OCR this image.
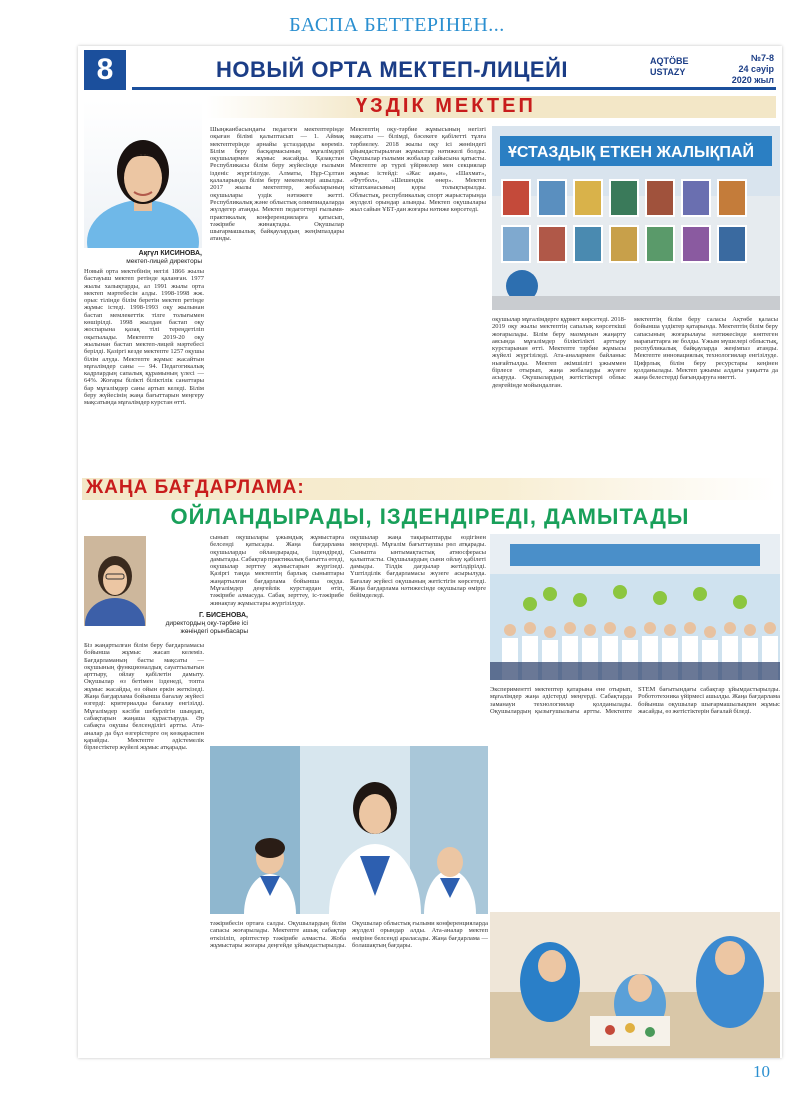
БАСПА БЕТТЕРІНЕН...
8	НОВЫЙ ОРТА МЕКТЕП-ЛИЦЕЙІ	AQTÖBE
USTAZY
№7-8
24 сәуір
2020 жыл
ҮЗДІК МЕКТЕП
Ақгүл КИСИНОВА,
мектеп-лицей директоры
ҰСТАЗДЫҚ ЕТКЕН ЖАЛЫҚПАЙ
Новый орта мектебінің негізі 1866 жылы бастауыш мектеп ретінде қаланған. 1977 жылы халықтарды, ал 1991 жылы орта мектеп мәртебесін алды. 1998-1998 жж. орыс тілінде білім беретін мектеп ретінде жұмыс істеді. 1998-1993 оқу жылынан бастап мемлекеттік тілге толығымен көшірілді. 1998 жылдан бастап оқу жоспарына қазақ тілі тереңдетіліп оқытылады. Мектепте 2019-20 оқу жылынан бастап мектеп-лицей мәртебесі берілді. Қазіргі кезде мектепте 1257 оқушы білім алуда. Мектепте жұмыс жасайтын мұғалімдер саны — 94. Педагогикалық кадрлардың сапалық құрамының үлесі — 64%. Жоғары білікті біліктілік санаттары бар мұғалімдер саны артып келеді. Білім беру жүйесінің жаңа бағыттарын меңгеру мақсатында мұғалімдер курстан өтті.
Шыңжанбасындағы педагоги мектептерінде оқыған білімі қалыптасып — 1. Аймақ мектептерінде арнайы ұстаздарды көреміз. Білім беру басқармасының мұғалімдері оқушылармен жұмыс жасайды. Қазақстан Республикасы білім беру жүйесінде ғылыми ізденіс жүргізілуде. Алматы, Нұр-Сұлтан қалаларында білім беру мекемелері ашылды. 2017 жылы мектептер, жобаларының оқушылары үздік нәтижеге жетті. Республикалық және облыстық олимпиадаларда жүлдегер атанды. Мектеп педагогтері ғылыми-практикалық конференцияларға қатысып, тәжірибе жинақтады. Оқушылар шығармашылық байқаулардың жеңімпаздары атанды.
Мектептің оқу-тәрбие жұмысының негізгі мақсаты — білімді, бәсекеге қабілетті тұлға тәрбиелеу. 2018 жылы оқу ісі жөніндегі ұйымдастырылған жұмыстар нәтижелі болды. Оқушылар ғылыми жобалар сайысына қатысты. Мектепте әр түрлі үйірмелер мен секциялар жұмыс істейді: «Жас ақын», «Шахмат», «Футбол», «Шешендік өнер». Мектеп кітапханасының қоры толықтырылды. Облыстық, республикалық спорт жарыстарында жүлделі орындар алынды. Мектеп оқушылары жыл сайын ҰБТ-дан жоғары нәтиже көрсетеді.
оқушылар мұғалімдерге құрмет көрсетеді. 2018-2019 оқу жылы мектептің сапалық көрсеткіші жоғарылады. Білім беру мазмұнын жаңарту аясында мұғалімдер біліктілікті арттыру курстарынан өтті. Мектепте тәрбие жұмысы жүйелі жүргізіледі. Ата-аналармен байланыс нығайтылды. Мектеп әкімшілігі ұжыммен бірлесе отырып, жаңа жобаларды жүзеге асыруда. Оқушылардың жетістіктері облыс деңгейінде мойындалған.
мектептің білім беру саласы Ақтөбе қаласы бойынша үздіктер қатарында. Мектептің білім беру сапасының жоғарылауы нәтижесінде көптеген марапаттарға ие болды. Ұжым мүшелері облыстық, республикалық байқауларда жеңімпаз атанды. Мектепте инновациялық технологиялар енгізілуде. Цифрлық білім беру ресурстары кеңінен қолданылады. Мектеп ұжымы алдағы уақытта да жаңа белестерді бағындыруға ниетті.
ЖАҢА БАҒДАРЛАМА:
ОЙЛАНДЫРАДЫ, ІЗДЕНДІРЕДІ, ДАМЫТАДЫ
Г. БИСЕНОВА,
директордың оқу-тәрбие ісі жөніндегі орынбасары
Біз жаңартылған білім беру бағдарламасы бойынша жұмыс жасап келеміз. Бағдарламаның басты мақсаты — оқушының функционалдық сауаттылығын арттыру, ойлау қабілетін дамыту. Оқушылар өз бетімен ізденеді, топта жұмыс жасайды, өз ойын еркін жеткізеді. Жаңа бағдарлама бойынша бағалау жүйесі өзгерді: критериалды бағалау енгізілді. Мұғалімдер кәсіби шеберлігін шыңдап, сабақтарын жаңаша құрастыруда. Әр сабақта оқушы белсенділігі артты. Ата-аналар да бұл өзгерістерге оң көзқараспен қарайды. Мектепте әдістемелік бірлестіктер жүйелі жұмыс атқарады.
сынып оқушылары ұжымдық жұмыстарға белсенді қатысады. Жаңа бағдарлама оқушыларды ойландырады, іздендіреді, дамытады. Сабақтар практикалық бағытта өтеді, оқушылар зерттеу жұмыстарын жүргізеді. Қазіргі таңда мектептің барлық сыныптары жаңартылған бағдарлама бойынша оқуда. Мұғалімдер деңгейлік курстардан өтіп, тәжірибе алмасуда. Сабақ зерттеу, іс-тәжірибе жинақтау жұмыстары жүргізілуде.
оқушылар жаңа тақырыптарды өздігінен меңгереді. Мұғалім бағыттаушы рөл атқарады. Сыныпта ынтымақтастық атмосферасы қалыптасты. Оқушылардың сыни ойлау қабілеті дамыды. Тілдік дағдылар жетілдірілді. Үштілділік бағдарламасы жүзеге асырылуда. Бағалау жүйесі оқушының жетістігін көрсетеді. Жаңа бағдарлама нәтижесінде оқушылар өмірге бейімделеді.
тәжірибесін ортаға салды. Оқушылардың білім сапасы жоғарылады. Мектепте ашық сабақтар өткізіліп, әріптестер тәжірибе алмасты. Жоба жұмыстары жоғары деңгейде ұйымдастырылды. Оқушылар облыстық ғылыми конференцияларда жүлделі орындар алды. Ата-аналар мектеп өміріне белсенді араласады. Жаңа бағдарлама — болашақтың бағдары.
Экспериментті мектептер қатарына ене отырып, мұғалімдер жаңа әдістерді меңгерді. Сабақтарда заманауи технологиялар қолданылады. Оқушылардың қызығушылығы артты. Мектепте STEM бағытындағы сабақтар ұйымдастырылды. Робототехника үйірмесі ашылды. Жаңа бағдарлама бойынша оқушылар шығармашылықпен жұмыс жасайды, өз жетістіктерін бағалай біледі.
10
